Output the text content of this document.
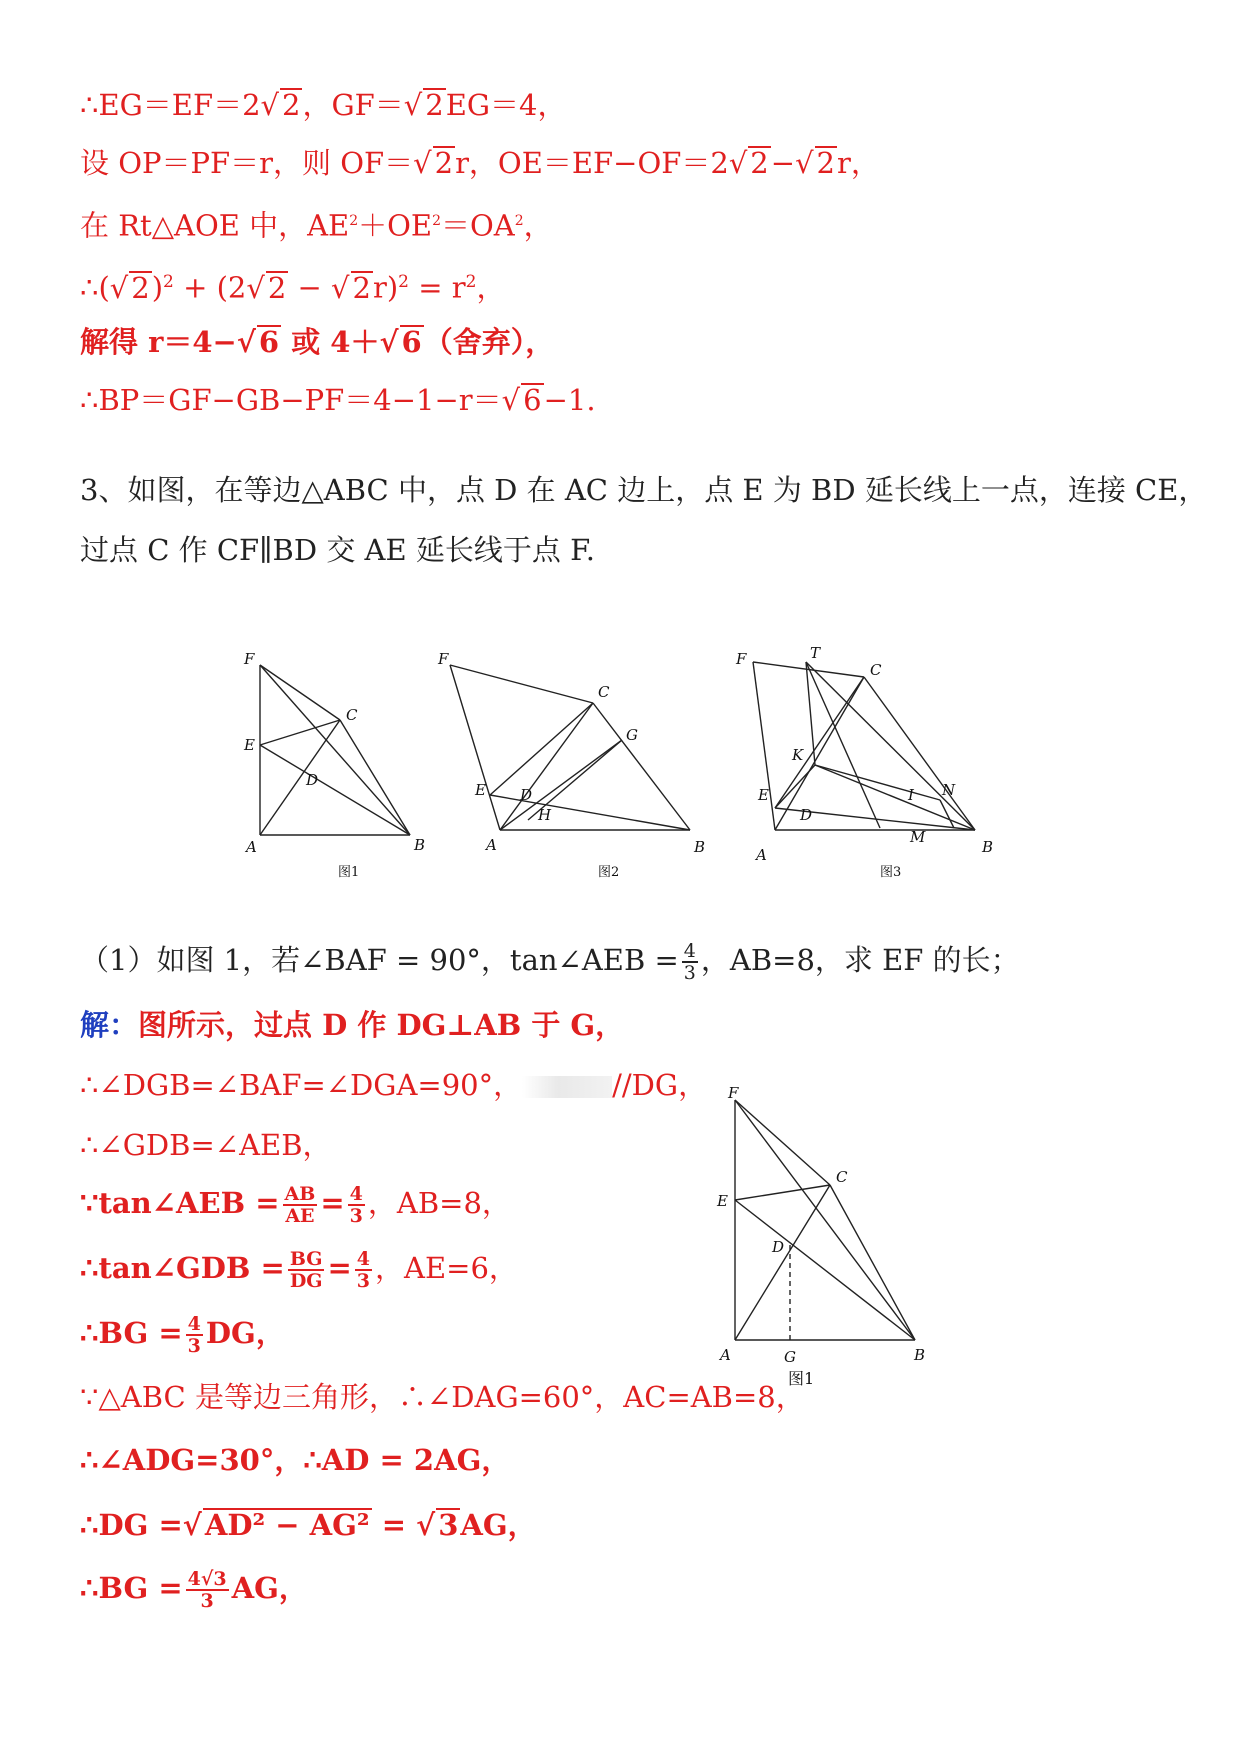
∴EG＝EF＝2√ 2，GF＝√ 2EG＝4，
设 OP＝PF＝r，则 OF＝√ 2r，OE＝EF−OF＝2√ 2−√ 2r，
在 Rt△AOE 中，$AE^2+OE^2=OA^2$，
∴(√ 2)$^2$ + (2√ 2 − √ $2r)^2 = r^2$，
解得 r＝4−√ 6 或 4＋√ 6（舍弃），
∴BP＝GF−GB−PF＝4−1−r＝√ 6−1.
3、如图，在等边△ABC 中，点 D 在 AC 边上，点 E 为 BD 延长线上一点，连接 CE，
过点 C 作 CF∥BD 交 AE 延长线于点 F.
F
C
E
D
A	B
图1
F
C
G
D
E
H
A	B
图2
F	T
C
K
E	N
I
D
M
A	B
图3
（1）如图 1，若∠BAF = 90°，tan∠AEB = $\frac{4}{3}$ ，AB=8，求 EF 的长；
解：图所示，过点 D 作 DG⊥AB 于 G，
∴∠DGB=∠BAF=∠DGA=90°，	//DG，
∴∠GDB=∠AEB，
∵tan∠AEB = $\frac{AB}{AE} = \frac{4}{3}$ ，AB=8，
∴tan∠GDB = $\frac{BG}{DG} = \frac{4}{3}$ ，AE=6，
∴BG = $\frac{4}{3}$ DG，
∵△ABC 是等边三角形，∴∠DAG=60°，AC=AB=8，
∴∠ADG=30°，∴AD = 2AG，
∴DG =√ AD² − AG² = √ 3AG，
∴BG = $\frac{4√3}{3}$ AG，
F
C
E
D
A	G	B
图1
